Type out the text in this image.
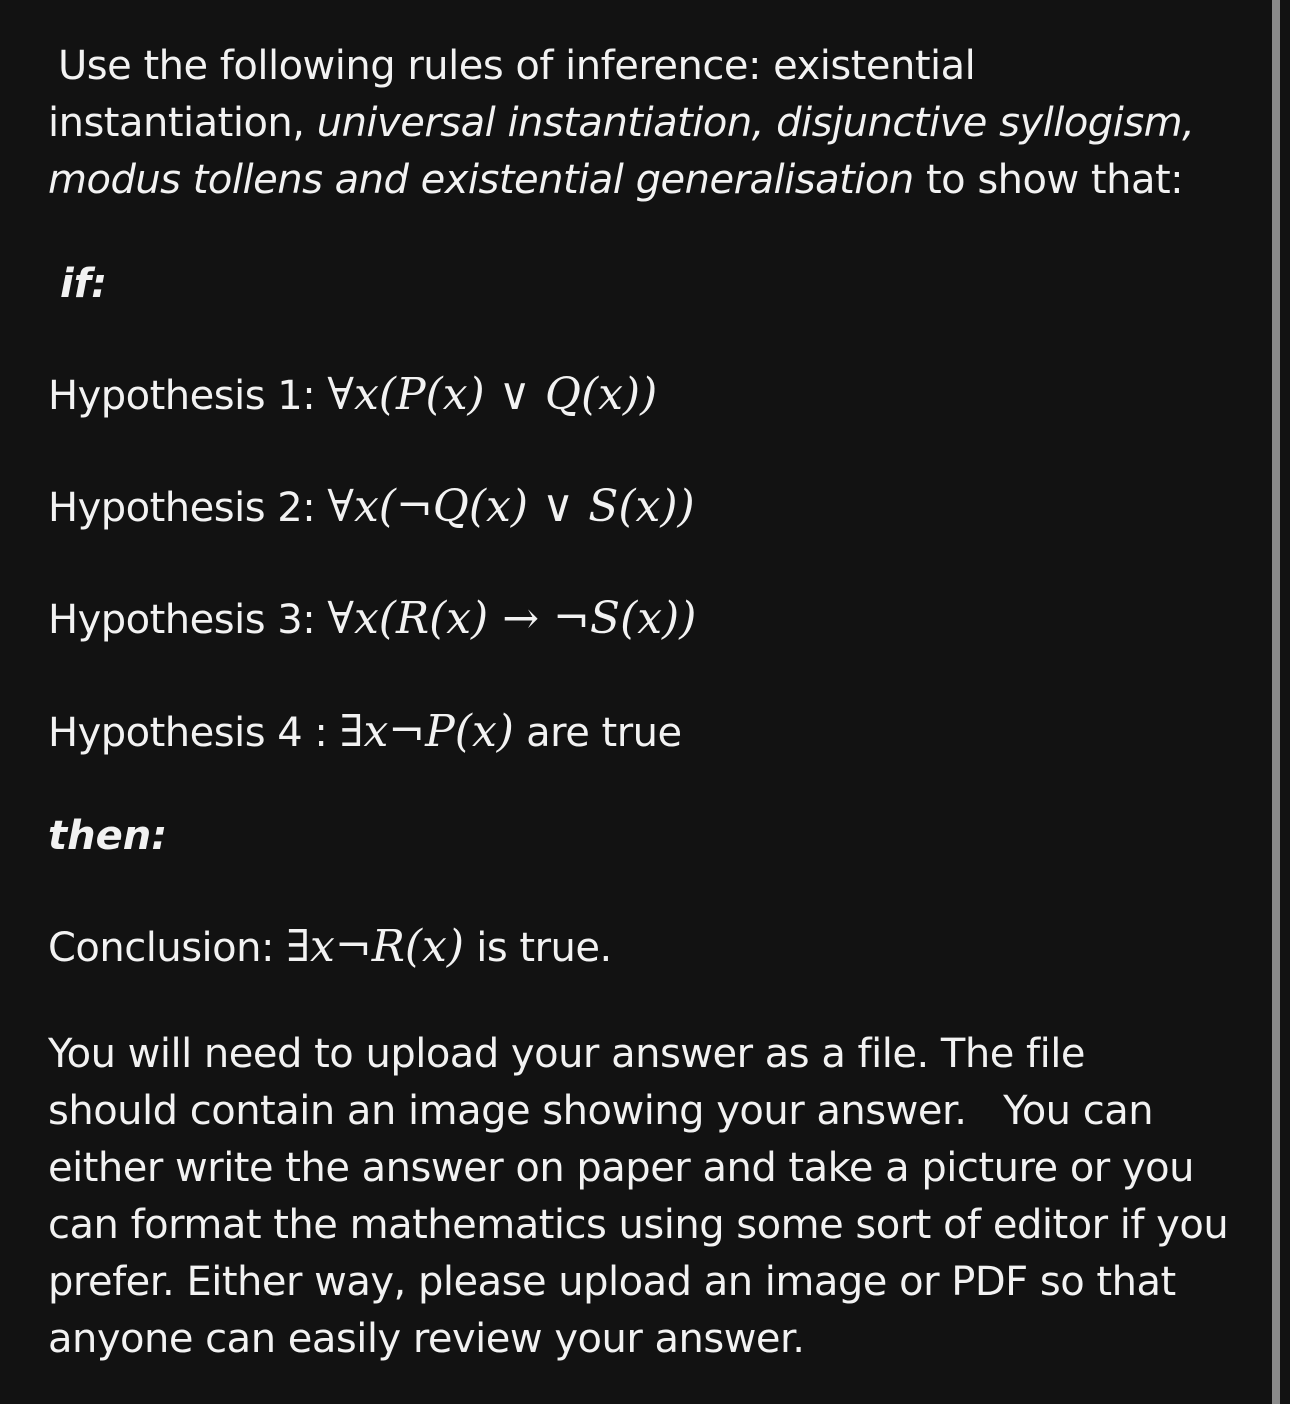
Use the following rules of inference: existential
instantiation, universal instantiation, disjunctive syllogism,
modus tollens and existential generalisation to show that:
if:
Hypothesis 1: ∀x(P(x) ∨ Q(x))
Hypothesis 2: ∀x(¬Q(x) ∨ S(x))
Hypothesis 3: ∀x(R(x) → ¬S(x))
Hypothesis 4 : ∃x¬P(x) are true
then:
Conclusion: ∃x¬R(x) is true.
You will need to upload your answer as a file. The file
should contain an image showing your answer.   You can
either write the answer on paper and take a picture or you
can format the mathematics using some sort of editor if you
prefer. Either way, please upload an image or PDF so that
anyone can easily review your answer.
